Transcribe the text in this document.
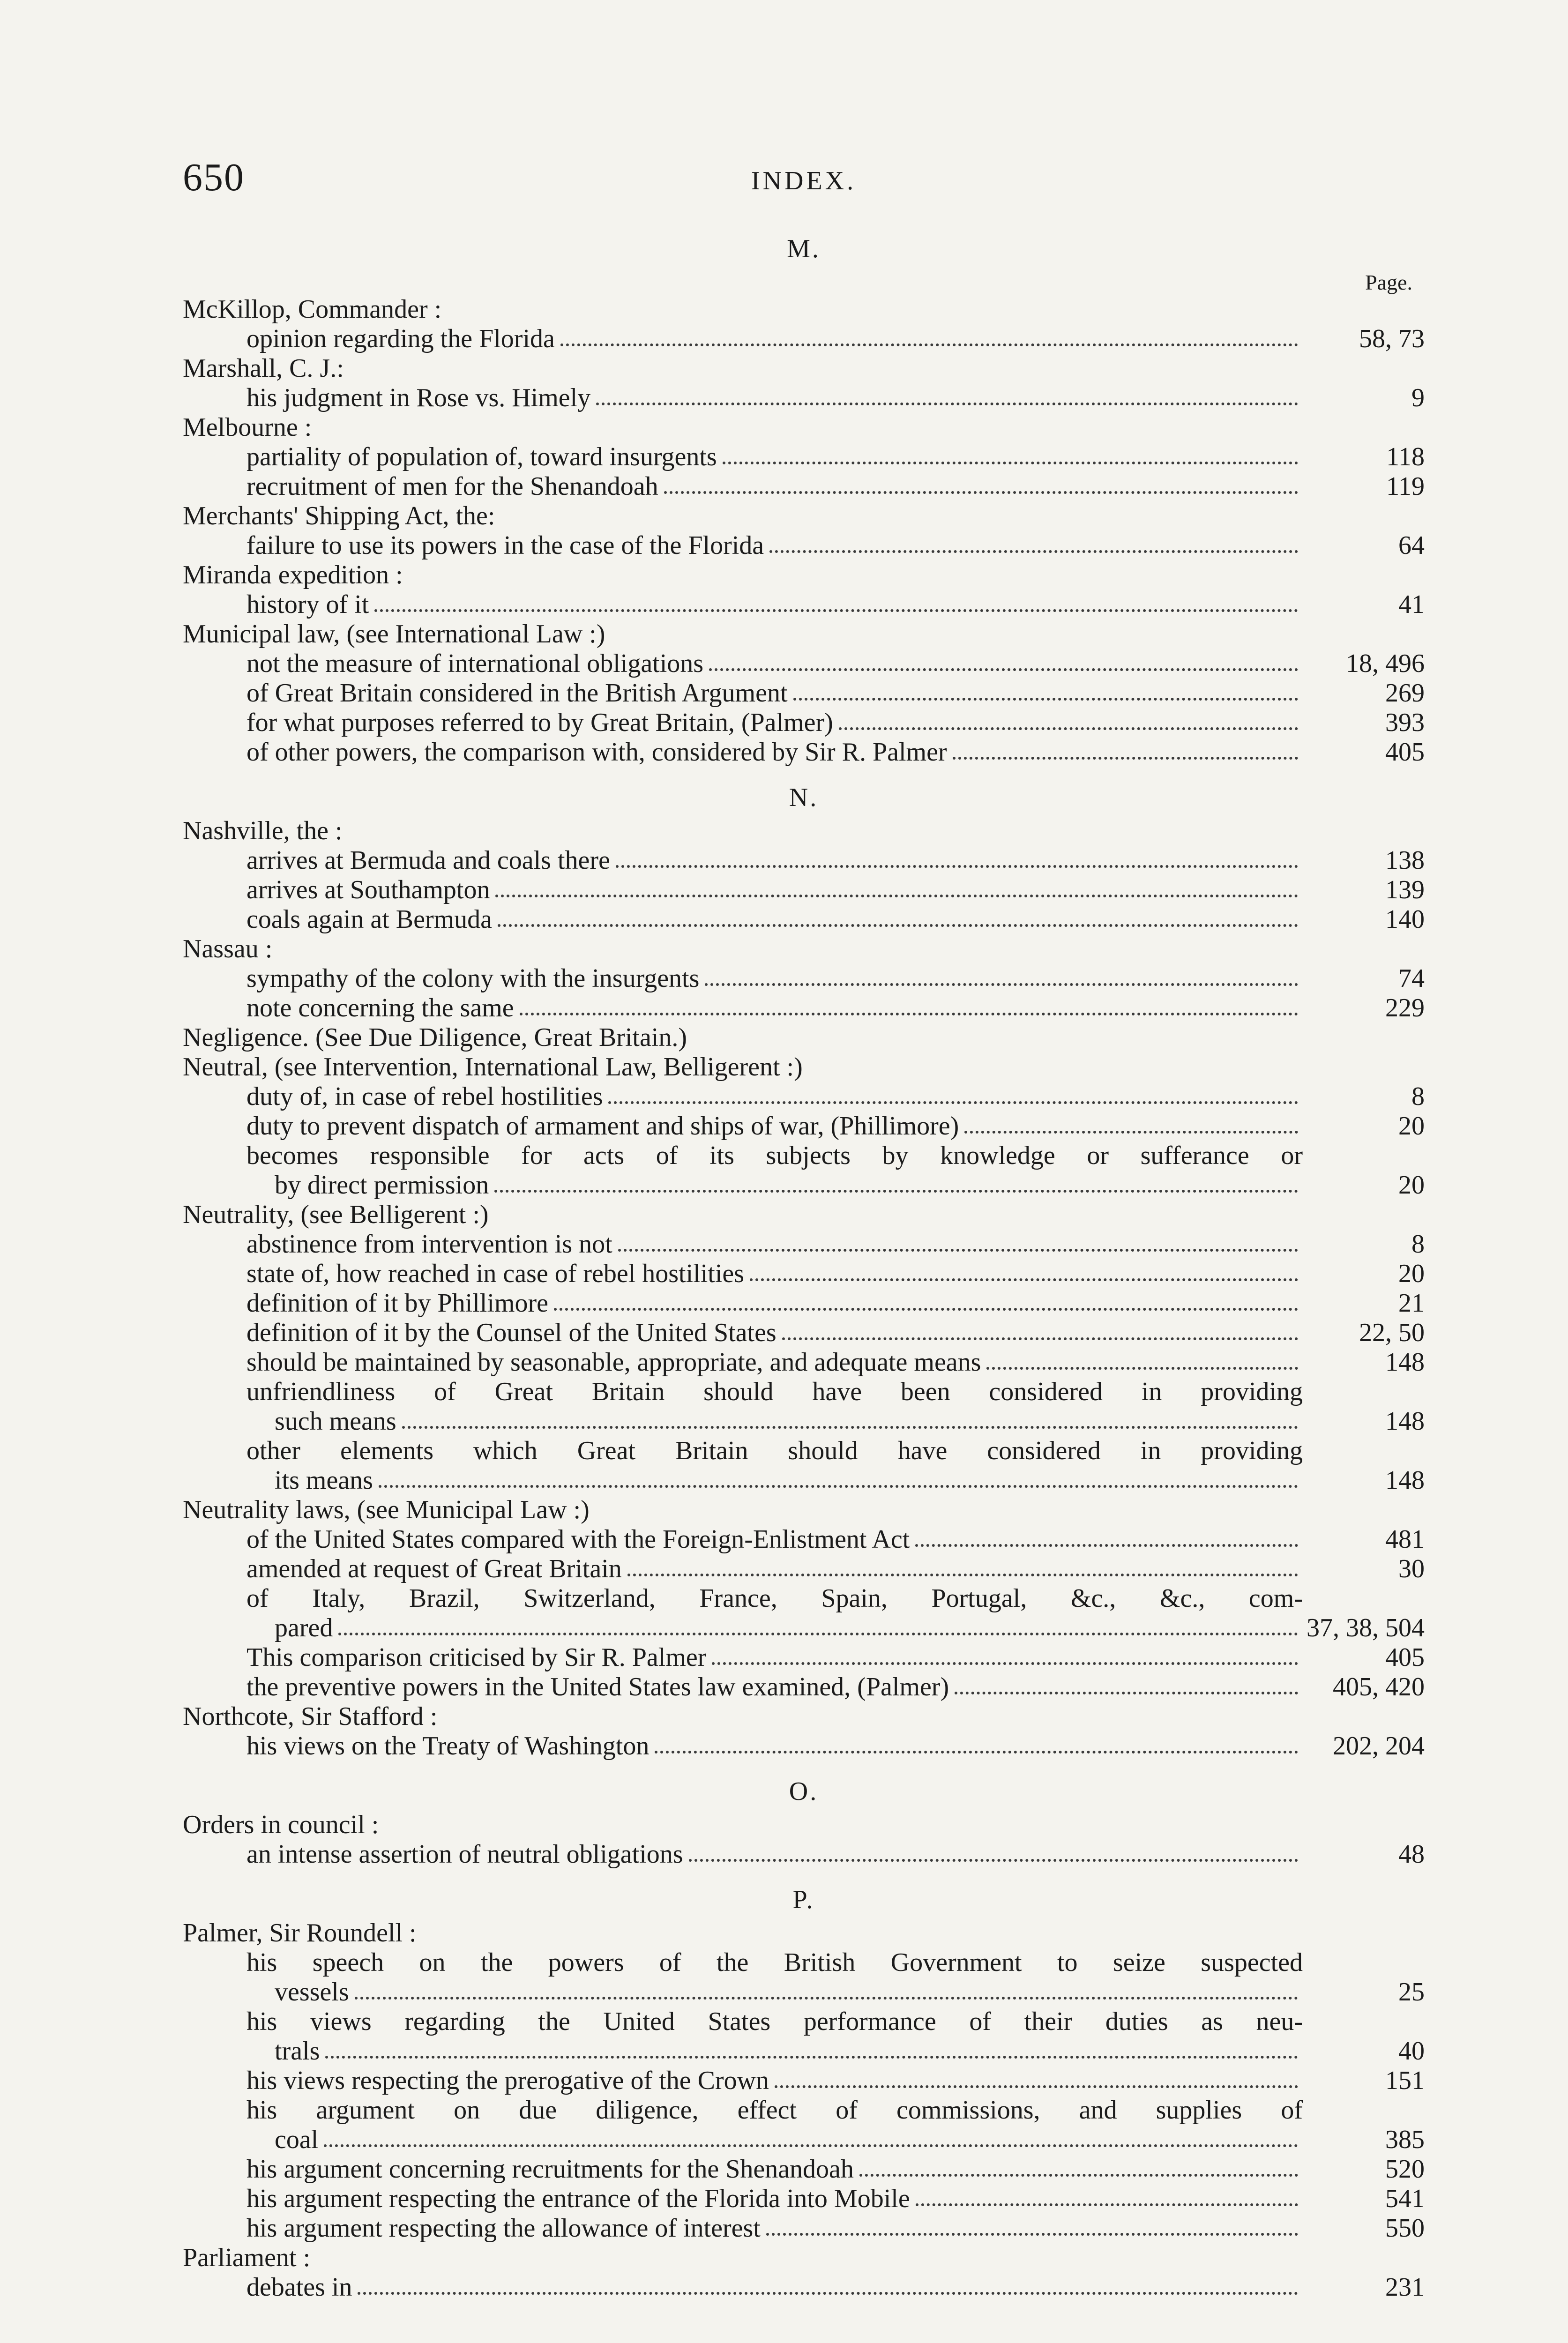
650	INDEX.
M.
Page.
McKillop, Commander :
opinion regarding the Florida	58, 73
Marshall, C. J.:
his judgment in Rose vs. Himely	9
Melbourne :
partiality of population of, toward insurgents	118
recruitment of men for the Shenandoah	119
Merchants' Shipping Act, the:
failure to use its powers in the case of the Florida	64
Miranda expedition :
history of it	41
Municipal law, (see International Law :)
not the measure of international obligations	18, 496
of Great Britain considered in the British Argument	269
for what purposes referred to by Great Britain, (Palmer)	393
of other powers, the comparison with, considered by Sir R. Palmer	405
N.
Nashville, the :
arrives at Bermuda and coals there	138
arrives at Southampton	139
coals again at Bermuda	140
Nassau :
sympathy of the colony with the insurgents	74
note concerning the same	229
Negligence. (See Due Diligence, Great Britain.)
Neutral, (see Intervention, International Law, Belligerent :)
duty of, in case of rebel hostilities	8
duty to prevent dispatch of armament and ships of war, (Phillimore)	20
becomes responsible for acts of its subjects by knowledge or sufferance or
by direct permission	20
Neutrality, (see Belligerent :)
abstinence from intervention is not	8
state of, how reached in case of rebel hostilities	20
definition of it by Phillimore	21
definition of it by the Counsel of the United States	22, 50
should be maintained by seasonable, appropriate, and adequate means	148
unfriendliness of Great Britain should have been considered in providing
such means	148
other elements which Great Britain should have considered in providing
its means	148
Neutrality laws, (see Municipal Law :)
of the United States compared with the Foreign-Enlistment Act	481
amended at request of Great Britain	30
of Italy, Brazil, Switzerland, France, Spain, Portugal, &c., &c., com-
pared	37, 38, 504
This comparison criticised by Sir R. Palmer	405
the preventive powers in the United States law examined, (Palmer)	405, 420
Northcote, Sir Stafford :
his views on the Treaty of Washington	202, 204
O.
Orders in council :
an intense assertion of neutral obligations	48
P.
Palmer, Sir Roundell :
his speech on the powers of the British Government to seize suspected
vessels	25
his views regarding the United States performance of their duties as neu-
trals	40
his views respecting the prerogative of the Crown	151
his argument on due diligence, effect of commissions, and supplies of
coal	385
his argument concerning recruitments for the Shenandoah	520
his argument respecting the entrance of the Florida into Mobile	541
his argument respecting the allowance of interest	550
Parliament :
debates in	231
